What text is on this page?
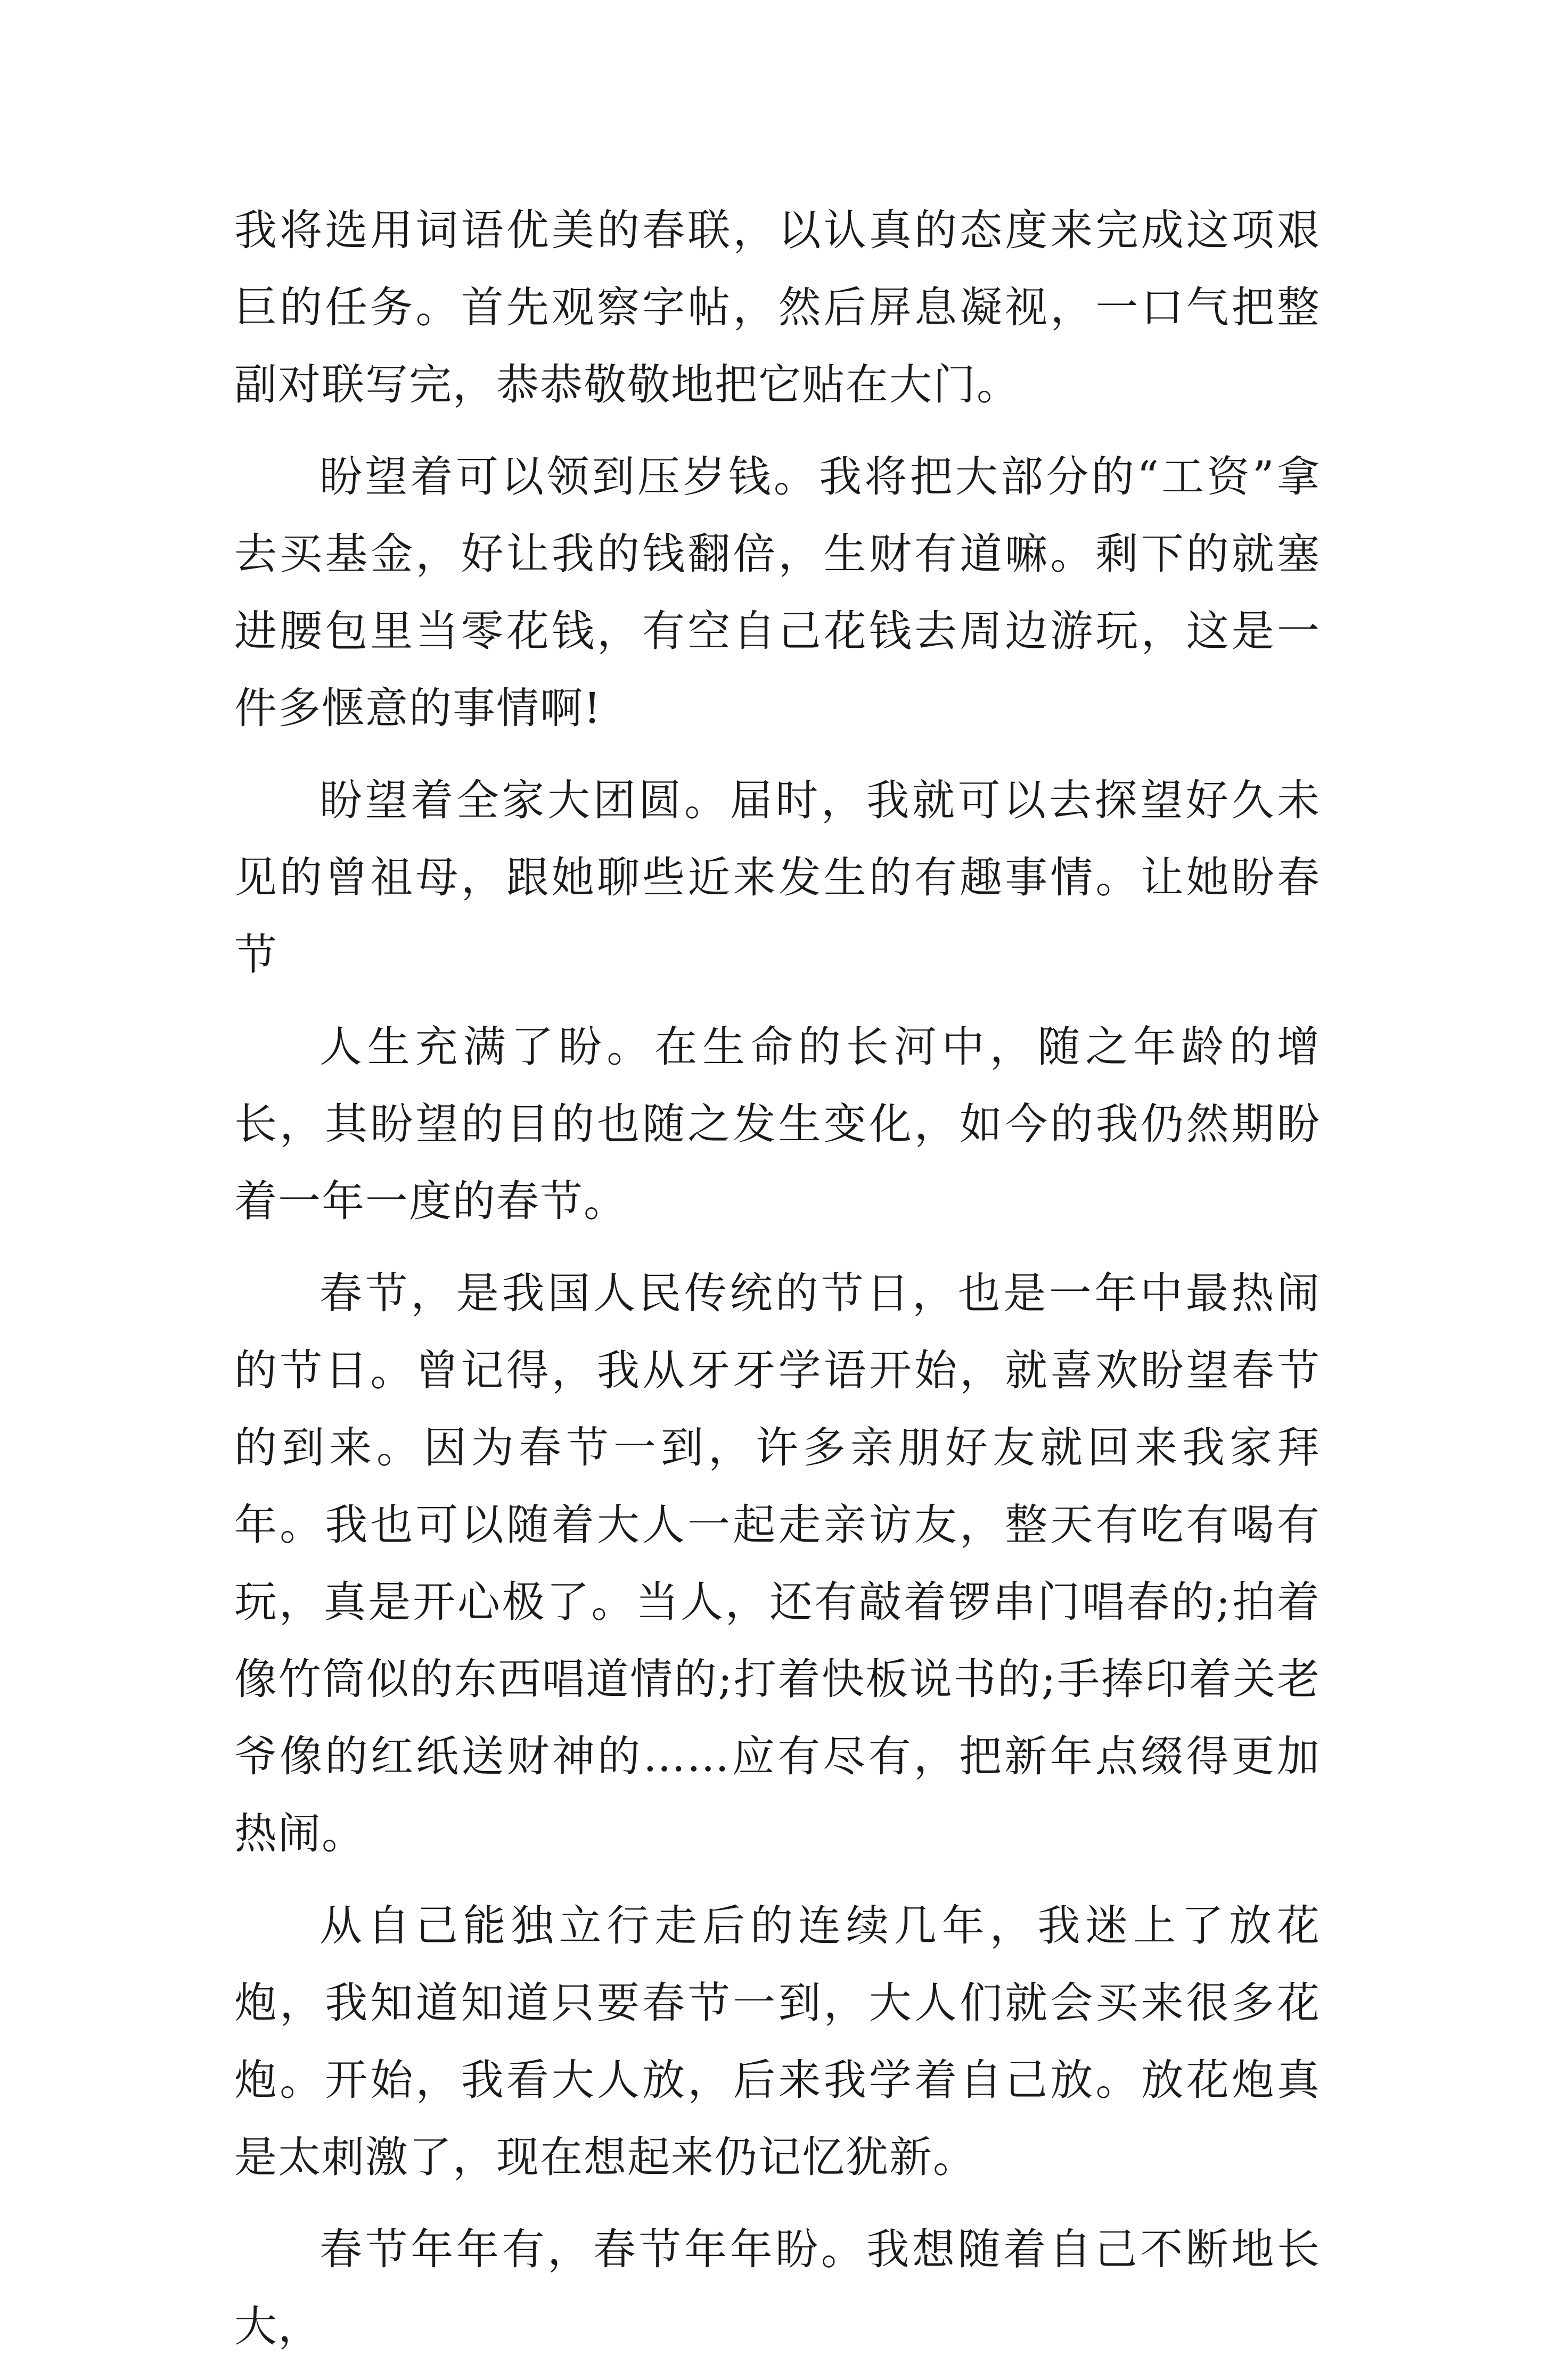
我将选用词语优美的春联，以认真的态度来完成这项艰巨的任务。首先观察字帖，然后屏息凝视，一口气把整副对联写完，恭恭敬敬地把它贴在大门。

盼望着可以领到压岁钱。我将把大部分的“工资”拿去买基金，好让我的钱翻倍，生财有道嘛。剩下的就塞进腰包里当零花钱，有空自己花钱去周边游玩，这是一件多惬意的事情啊!

盼望着全家大团圆。届时，我就可以去探望好久未见的曾祖母，跟她聊些近来发生的有趣事情。让她盼春节

人生充满了盼。在生命的长河中，随之年龄的增长，其盼望的目的也随之发生变化，如今的我仍然期盼着一年一度的春节。

春节，是我国人民传统的节日，也是一年中最热闹的节日。曾记得，我从牙牙学语开始，就喜欢盼望春节的到来。因为春节一到，许多亲朋好友就回来我家拜年。我也可以随着大人一起走亲访友，整天有吃有喝有玩，真是开心极了。当人，还有敲着锣串门唱春的;拍着像竹筒似的东西唱道情的;打着快板说书的;手捧印着关老爷像的红纸送财神的……应有尽有，把新年点缀得更加热闹。

从自己能独立行走后的连续几年，我迷上了放花炮，我知道知道只要春节一到，大人们就会买来很多花炮。开始，我看大人放，后来我学着自己放。放花炮真是太刺激了，现在想起来仍记忆犹新。

春节年年有，春节年年盼。我想随着自己不断地长大，
